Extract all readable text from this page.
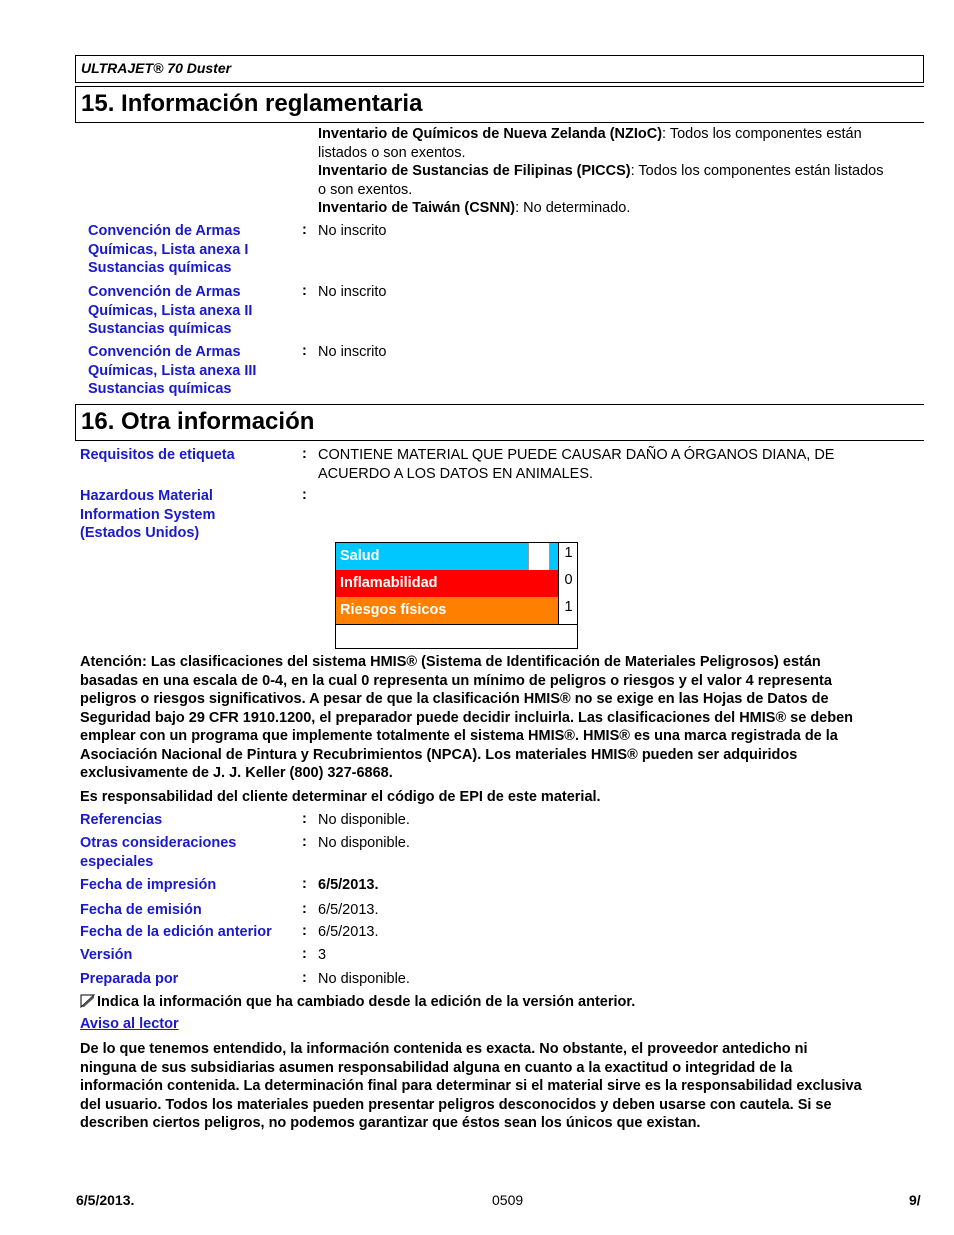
ULTRAJET® 70 Duster
15. Información reglamentaria
Inventario de Químicos de Nueva Zelanda (NZIoC): Todos los componentes están
listados o son exentos.
Inventario de Sustancias de Filipinas (PICCS): Todos los componentes están listados
o son exentos.
Inventario de Taiwán (CSNN): No determinado.
Convención de Armas
Químicas, Lista anexa I
Sustancias químicas
: No inscrito
Convención de Armas
Químicas, Lista anexa II
Sustancias químicas
: No inscrito
Convención de Armas
Químicas, Lista anexa III
Sustancias químicas
: No inscrito
16. Otra información
Requisitos de etiqueta	: CONTIENE MATERIAL QUE PUEDE CAUSAR DAÑO A ÓRGANOS DIANA, DE
ACUERDO A LOS DATOS EN ANIMALES.
Hazardous Material
Information System
(Estados Unidos)
:
Salud	1
Inflamabilidad	0
Riesgos físicos	1
Atención: Las clasificaciones del sistema HMIS® (Sistema de Identificación de Materiales Peligrosos) están
basadas en una escala de 0-4, en la cual 0 representa un mínimo de peligros o riesgos y el valor 4 representa
peligros o riesgos significativos. A pesar de que la clasificación HMIS® no se exige en las Hojas de Datos de
Seguridad bajo 29 CFR 1910.1200, el preparador puede decidir incluirla. Las clasificaciones del HMIS® se deben
emplear con un programa que implemente totalmente el sistema HMIS®. HMIS® es una marca registrada de la
Asociación Nacional de Pintura y Recubrimientos (NPCA). Los materiales HMIS® pueden ser adquiridos
exclusivamente de J. J. Keller (800) 327-6868.
Es responsabilidad del cliente determinar el código de EPI de este material.
Referencias	: No disponible.
Otras consideraciones
especiales
: No disponible.
Fecha de impresión	: 6/5/2013.
Fecha de emisión	: 6/5/2013.
Fecha de la edición anterior : 6/5/2013.
Versión	: 3
Preparada por	: No disponible.
Indica la información que ha cambiado desde la edición de la versión anterior.
Aviso al lector
De lo que tenemos entendido, la información contenida es exacta. No obstante, el proveedor antedicho ni
ninguna de sus subsidiarias asumen responsabilidad alguna en cuanto a la exactitud o integridad de la
información contenida. La determinación final para determinar si el material sirve es la responsabilidad exclusiva
del usuario. Todos los materiales pueden presentar peligros desconocidos y deben usarse con cautela. Si se
describen ciertos peligros, no podemos garantizar que éstos sean los únicos que existan.
6/5/2013.	0509	9/
